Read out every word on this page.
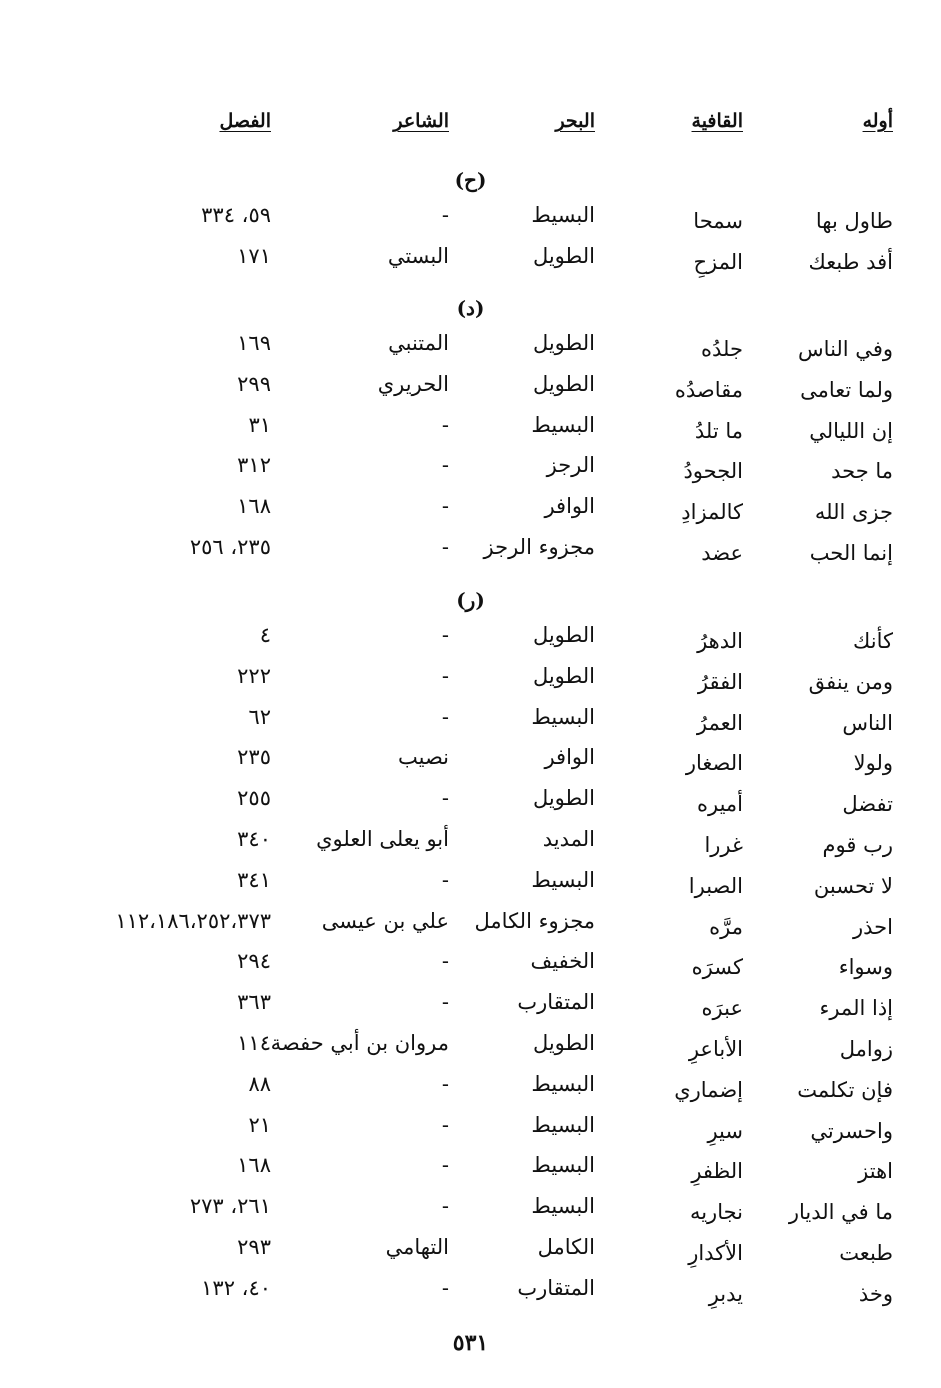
أوله
القافية
البحر
الشاعر
الفصل
(ح)
طاول بها
سمحا
البسيط
-
٥٩، ٣٣٤
أفد طبعك
المزحِ
الطويل
البستي
١٧١
(د)
وفي الناس
جلدُه
الطويل
المتنبي
١٦٩
ولما تعامى
مقاصدُه
الطويل
الحريري
٢٩٩
إن الليالي
ما تلدُ
البسيط
-
٣١
ما جحد
الجحودُ
الرجز
-
٣١٢
جزى الله
كالمزادِ
الوافر
-
١٦٨
إنما الحب
عضد
مجزوء الرجز
-
٢٣٥، ٢٥٦
(ر)
كأنك
الدهرُ
الطويل
-
٤
ومن ينفق
الفقرُ
الطويل
-
٢٢٢
الناس
العمرُ
البسيط
-
٦٢
ولولا
الصغار
الوافر
نصيب
٢٣٥
تفضل
أميره
الطويل
-
٢٥٥
رب قوم
غررا
المديد
أبو يعلى العلوي
٣٤٠
لا تحسبن
الصبرا
البسيط
-
٣٤١
احذر
مرَّه
مجزوء الكامل
علي بن عيسى
١١٢،١٨٦،٢٥٢،٣٧٣
وسواء
كسرَه
الخفيف
-
٢٩٤
إذا المرء
عبرَه
المتقارب
-
٣٦٣
زوامل
الأباعرِ
الطويل
مروان بن أبي حفصة
١١٤
فإن تكلمت
إضماري
البسيط
-
٨٨
واحسرتي
سيرِ
البسيط
-
٢١
اهتز
الظفرِ
البسيط
-
١٦٨
ما في الديار
نجاريه
البسيط
-
٢٦١، ٢٧٣
طبعت
الأكدارِ
الكامل
التهامي
٢٩٣
وخذ
يدبرِ
المتقارب
-
٤٠، ١٣٢
٥٣١
